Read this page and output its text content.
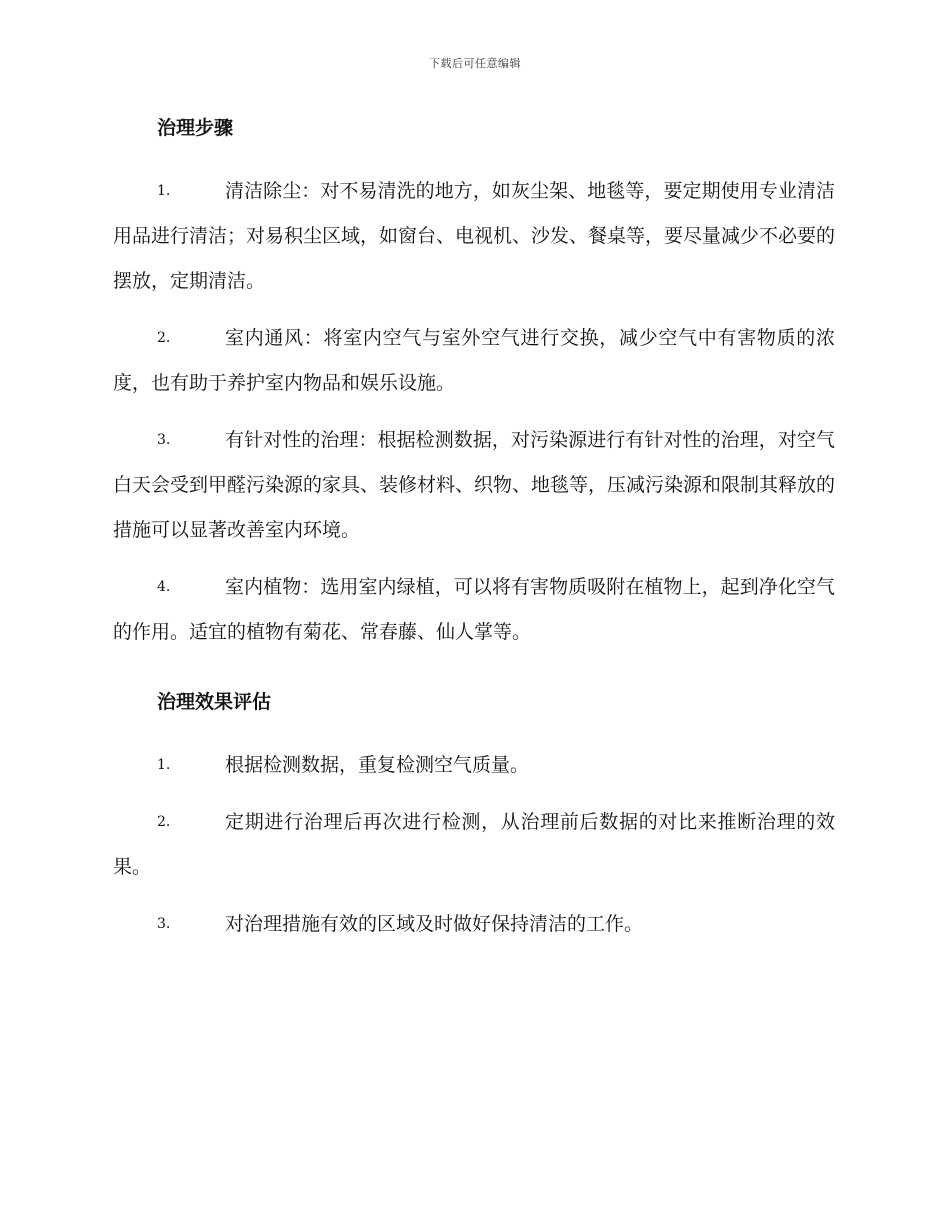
下载后可任意编辑
治理步骤
1.	清洁除尘：对不易清洗的地方，如灰尘架、地毯等，要定期使用专业清洁用品进行清洁；对易积尘区域，如窗台、电视机、沙发、餐桌等，要尽量减少不必要的摆放，定期清洁。
2.	室内通风：将室内空气与室外空气进行交换，减少空气中有害物质的浓度，也有助于养护室内物品和娱乐设施。
3.	有针对性的治理：根据检测数据，对污染源进行有针对性的治理，对空气白天会受到甲醛污染源的家具、装修材料、织物、地毯等，压减污染源和限制其释放的措施可以显著改善室内环境。
4.	室内植物：选用室内绿植，可以将有害物质吸附在植物上，起到净化空气的作用。适宜的植物有菊花、常春藤、仙人掌等。
治理效果评估
1.	根据检测数据，重复检测空气质量。
2.	定期进行治理后再次进行检测，从治理前后数据的对比来推断治理的效果。
3.	对治理措施有效的区域及时做好保持清洁的工作。
